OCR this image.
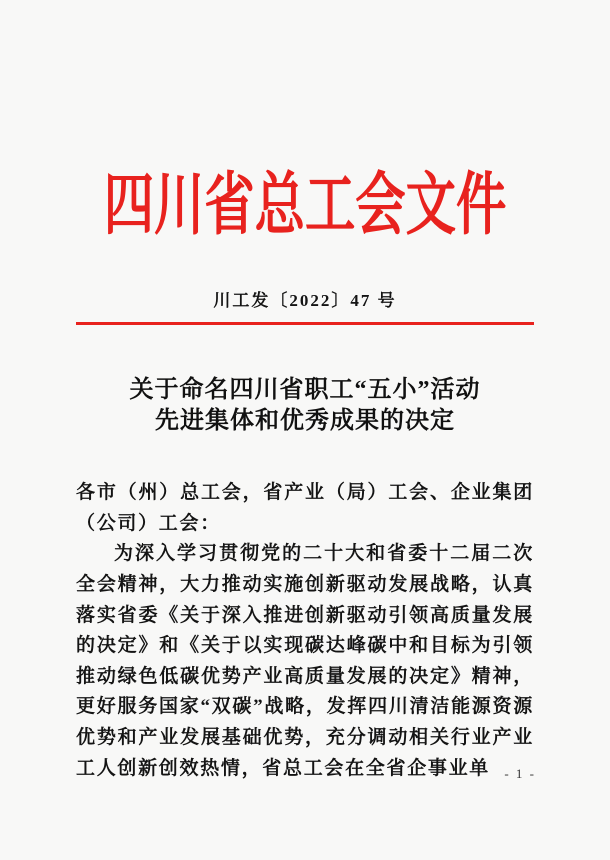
四川省总工会文件
川工发〔2022〕47 号
关于命名四川省职工“五小”活动
先进集体和优秀成果的决定

各市（州）总工会，省产业（局）工会、企业集团（公司）工会：

为深入学习贯彻党的二十大和省委十二届二次全会精神，大力推动实施创新驱动发展战略，认真落实省委《关于深入推进创新驱动引领高质量发展的决定》和《关于以实现碳达峰碳中和目标为引领推动绿色低碳优势产业高质量发展的决定》精神，更好服务国家“双碳”战略，发挥四川清洁能源资源优势和产业发展基础优势，充分调动相关行业产业工人创新创效热情，省总工会在全省企事业单	- 1 -
